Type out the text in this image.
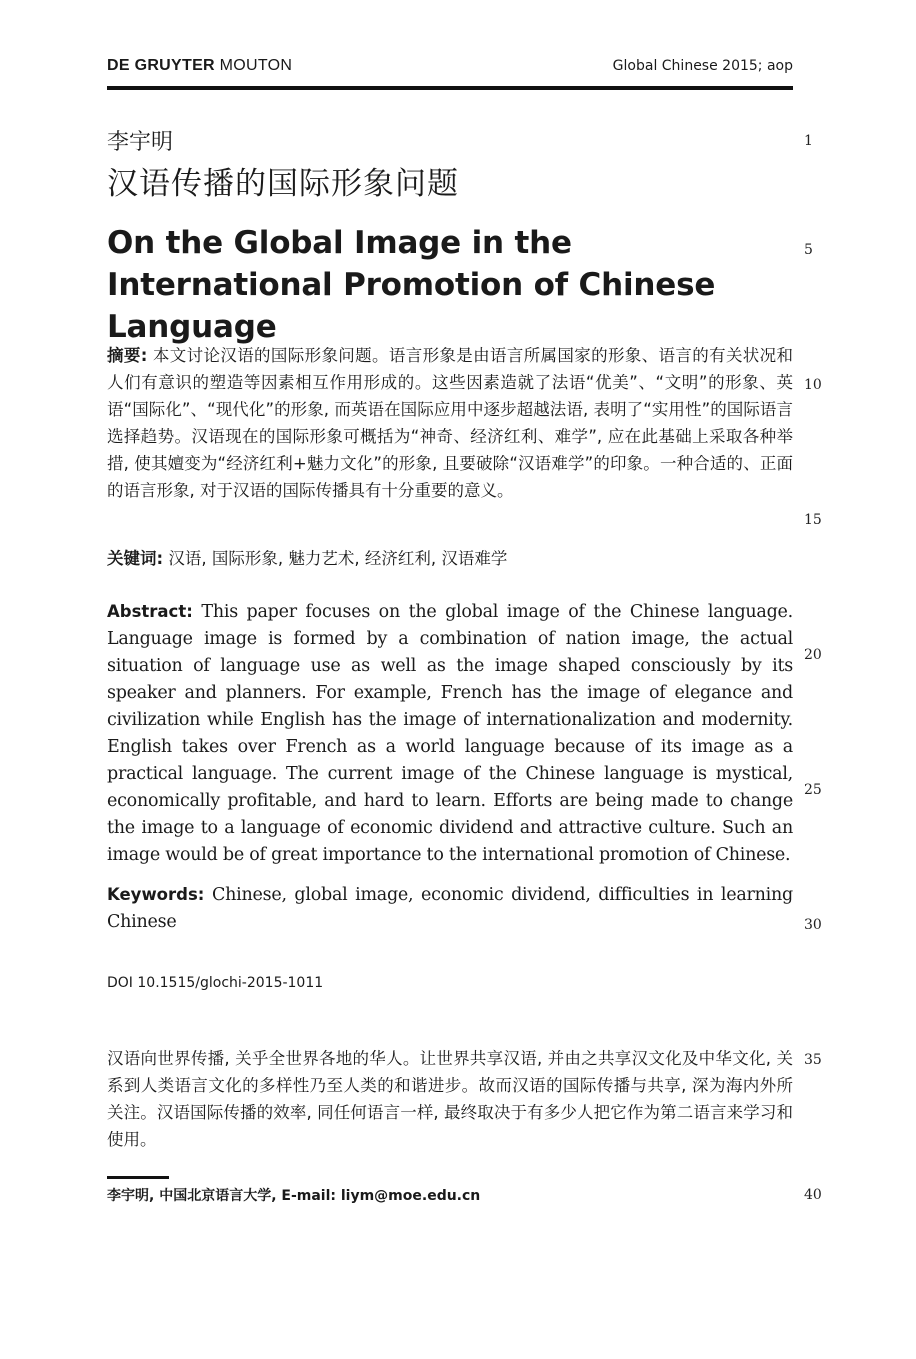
DE GRUYTER MOUTON	Global Chinese 2015; aop
李宇明
汉语传播的国际形象问题
On the Global Image in the International Promotion of Chinese Language
摘要: 本文讨论汉语的国际形象问题。语言形象是由语言所属国家的形象、语言的有关状况和人们有意识的塑造等因素相互作用形成的。这些因素造就了法语“优美”、“文明”的形象、英语“国际化”、“现代化”的形象, 而英语在国际应用中逐步超越法语, 表明了“实用性”的国际语言选择趋势。汉语现在的国际形象可概括为“神奇、经济红利、难学”, 应在此基础上采取各种举措, 使其嬗变为“经济红利+魅力文化”的形象, 且要破除“汉语难学”的印象。一种合适的、正面的语言形象, 对于汉语的国际传播具有十分重要的意义。
关键词: 汉语, 国际形象, 魅力艺术, 经济红利, 汉语难学
Abstract: This paper focuses on the global image of the Chinese language. Language image is formed by a combination of nation image, the actual situation of language use as well as the image shaped consciously by its speaker and planners. For example, French has the image of elegance and civilization while English has the image of internationalization and modernity. English takes over French as a world language because of its image as a practical language. The current image of the Chinese language is mystical, economically profitable, and hard to learn. Efforts are being made to change the image to a language of economic dividend and attractive culture. Such an image would be of great importance to the international promotion of Chinese.
Keywords: Chinese, global image, economic dividend, difficulties in learning Chinese
DOI 10.1515/glochi-2015-1011
汉语向世界传播, 关乎全世界各地的华人。让世界共享汉语, 并由之共享汉文化及中华文化, 关系到人类语言文化的多样性乃至人类的和谐进步。故而汉语的国际传播与共享, 深为海内外所关注。汉语国际传播的效率, 同任何语言一样, 最终取决于有多少人把它作为第二语言来学习和使用。
李宇明, 中国北京语言大学, E-mail: liym@moe.edu.cn
1
5
10
15
20
25
30
35
40
